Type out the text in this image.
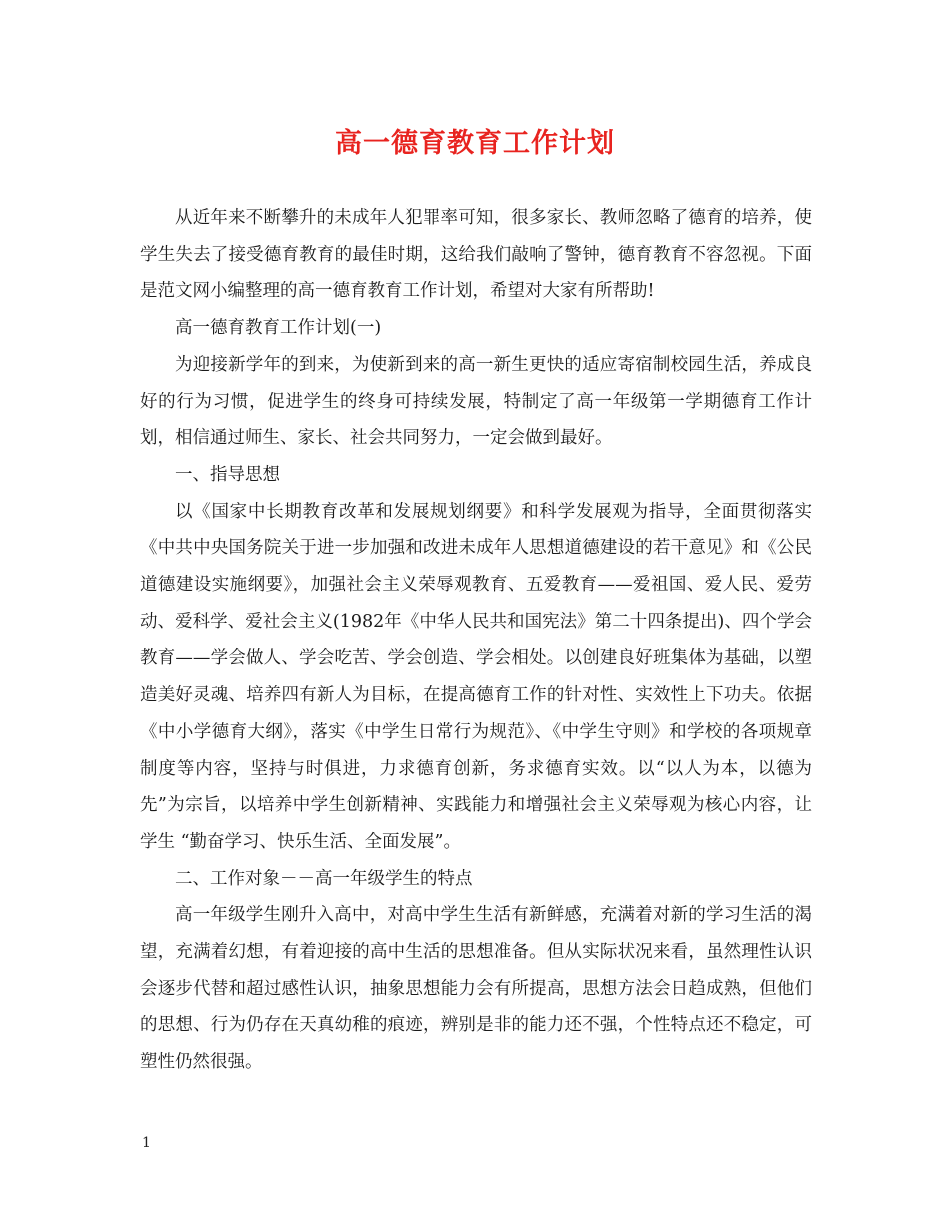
高一德育教育工作计划

从近年来不断攀升的未成年人犯罪率可知，很多家长、教师忽略了德育的培养，使学生失去了接受德育教育的最佳时期，这给我们敲响了警钟，德育教育不容忽视。下面是范文网小编整理的高一德育教育工作计划，希望对大家有所帮助!

高一德育教育工作计划(一)

为迎接新学年的到来，为使新到来的高一新生更快的适应寄宿制校园生活，养成良好的行为习惯，促进学生的终身可持续发展，特制定了高一年级第一学期德育工作计划，相信通过师生、家长、社会共同努力，一定会做到最好。

一、指导思想

以《国家中长期教育改革和发展规划纲要》和科学发展观为指导，全面贯彻落实《中共中央国务院关于进一步加强和改进未成年人思想道德建设的若干意见》和《公民道德建设实施纲要》，加强社会主义荣辱观教育、五爱教育——爱祖国、爱人民、爱劳动、爱科学、爱社会主义(1982年《中华人民共和国宪法》第二十四条提出)、四个学会教育——学会做人、学会吃苦、学会创造、学会相处。以创建良好班集体为基础，以塑造美好灵魂、培养四有新人为目标，在提高德育工作的针对性、实效性上下功夫。依据《中小学德育大纲》，落实《中学生日常行为规范》、《中学生守则》和学校的各项规章制度等内容，坚持与时俱进，力求德育创新，务求德育实效。以“以人为本，以德为先”为宗旨，以培养中学生创新精神、实践能力和增强社会主义荣辱观为核心内容，让学生 “勤奋学习、快乐生活、全面发展”。

二、工作对象－－高一年级学生的特点

高一年级学生刚升入高中，对高中学生生活有新鲜感，充满着对新的学习生活的渴望，充满着幻想，有着迎接的高中生活的思想准备。但从实际状况来看，虽然理性认识会逐步代替和超过感性认识，抽象思想能力会有所提高，思想方法会日趋成熟，但他们的思想、行为仍存在天真幼稚的痕迹，辨别是非的能力还不强，个性特点还不稳定，可塑性仍然很强。

1
